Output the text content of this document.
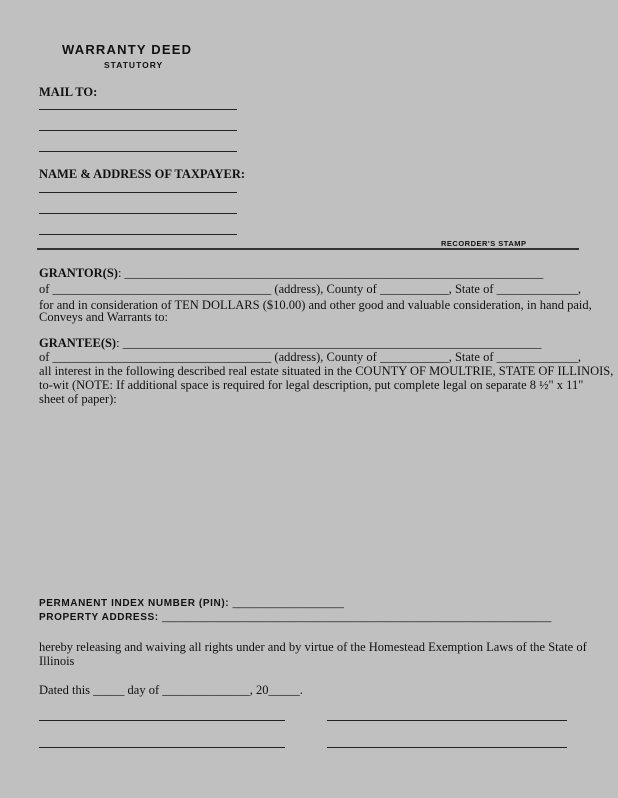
WARRANTY DEED
STATUTORY
MAIL TO:
NAME & ADDRESS OF TAXPAYER:
RECORDER'S STAMP
GRANTOR(S): ___________________________________________________________________
of ___________________________________ (address), County of ___________, State of _____________,
for and in consideration of TEN DOLLARS ($10.00) and other good and valuable consideration, in hand paid,
Conveys and Warrants to:
GRANTEE(S): ___________________________________________________________________
of ___________________________________ (address), County of ___________, State of _____________,
all interest in the following described real estate situated in the COUNTY OF MOULTRIE, STATE OF ILLINOIS,
to-wit (NOTE: If additional space is required for legal description, put complete legal on separate 8 ½" x 11"
sheet of paper):
PERMANENT INDEX NUMBER (PIN): ____________________
PROPERTY ADDRESS: ______________________________________________________________________
hereby releasing and waiving all rights under and by virtue of the Homestead Exemption Laws of the State of
Illinois
Dated this _____ day of ______________, 20_____.
